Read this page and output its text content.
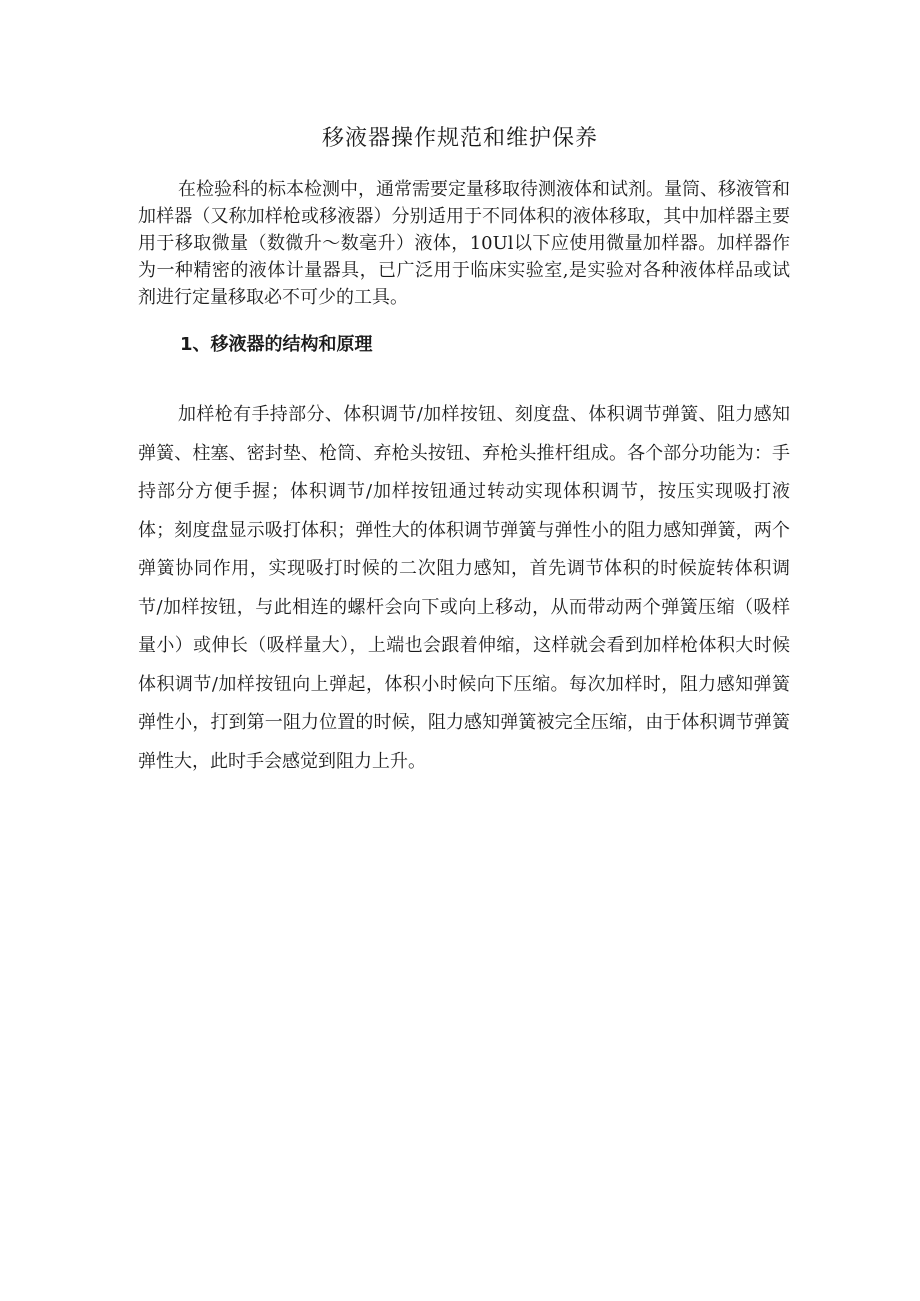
移液器操作规范和维护保养

在检验科的标本检测中，通常需要定量移取待测液体和试剂。量筒、移液管和加样器（又称加样枪或移液器）分别适用于不同体积的液体移取，其中加样器主要用于移取微量（数微升～数毫升）液体，10Ul以下应使用微量加样器。加样器作为一种精密的液体计量器具，已广泛用于临床实验室,是实验对各种液体样品或试剂进行定量移取必不可少的工具。

1、移液器的结构和原理

加样枪有手持部分、体积调节/加样按钮、刻度盘、体积调节弹簧、阻力感知弹簧、柱塞、密封垫、枪筒、弃枪头按钮、弃枪头推杆组成。各个部分功能为：手持部分方便手握；体积调节/加样按钮通过转动实现体积调节，按压实现吸打液体；刻度盘显示吸打体积；弹性大的体积调节弹簧与弹性小的阻力感知弹簧，两个弹簧协同作用，实现吸打时候的二次阻力感知，首先调节体积的时候旋转体积调节/加样按钮，与此相连的螺杆会向下或向上移动，从而带动两个弹簧压缩（吸样量小）或伸长（吸样量大），上端也会跟着伸缩，这样就会看到加样枪体积大时候体积调节/加样按钮向上弹起，体积小时候向下压缩。每次加样时，阻力感知弹簧弹性小，打到第一阻力位置的时候，阻力感知弹簧被完全压缩，由于体积调节弹簧弹性大，此时手会感觉到阻力上升。
